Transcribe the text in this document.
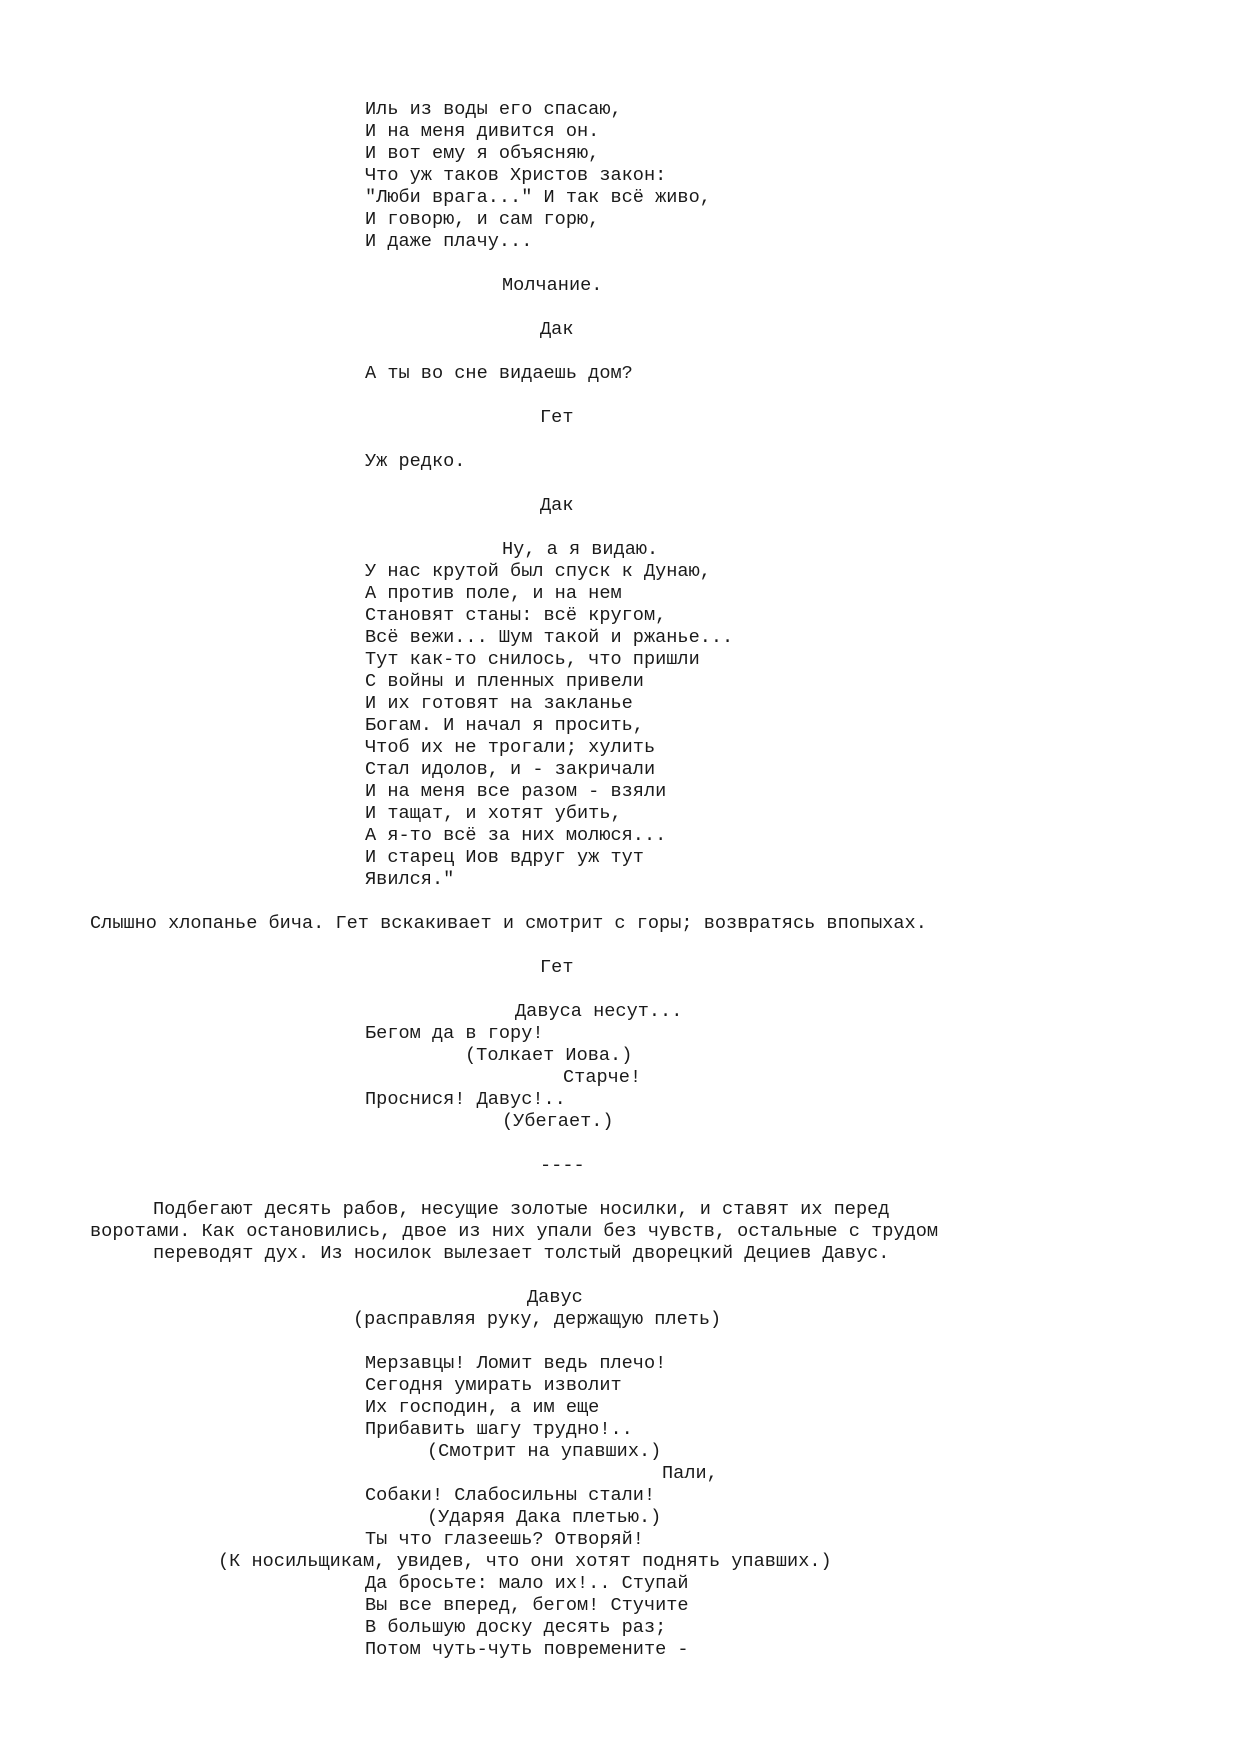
Иль из воды его спасаю,
И на меня дивится он.
И вот ему я объясняю,
Что уж таков Христов закон:
"Люби врага..." И так всё живо,
И говорю, и сам горю,
И даже плачу...
Молчание.
Дак
А ты во сне видаешь дом?
Гет
Уж редко.
Дак
Ну, а я видаю.
У нас крутой был спуск к Дунаю,
А против поле, и на нем
Становят станы: всё кругом,
Всё вежи... Шум такой и ржанье...
Тут как-то снилось, что пришли
С войны и пленных привели
И их готовят на закланье
Богам. И начал я просить,
Чтоб их не трогали; хулить
Стал идолов, и - закричали
И на меня все разом - взяли
И тащат, и хотят убить,
А я-то всё за них молюся...
И старец Иов вдруг уж тут
Явился."
Слышно хлопанье бича. Гет вскакивает и смотрит с горы; возвратясь впопыхах.
Гет
Давуса несут...
Бегом да в гору!
(Толкает Иова.)
Старче!
Проснися! Давус!..
(Убегает.)
----
Подбегают десять рабов, несущие золотые носилки, и ставят их перед
воротами. Как остановились, двое из них упали без чувств, остальные с трудом
переводят дух. Из носилок вылезает толстый дворецкий Дециев Давус.
Давус
(расправляя руку, держащую плеть)
Мерзавцы! Ломит ведь плечо!
Сегодня умирать изволит
Их господин, а им еще
Прибавить шагу трудно!..
(Смотрит на упавших.)
Пали,
Собаки! Слабосильны стали!
(Ударяя Дака плетью.)
Ты что глазеешь? Отворяй!
(К носильщикам, увидев, что они хотят поднять упавших.)
Да бросьте: мало их!.. Ступай
Вы все вперед, бегом! Стучите
В большую доску десять раз;
Потом чуть-чуть повремените -
